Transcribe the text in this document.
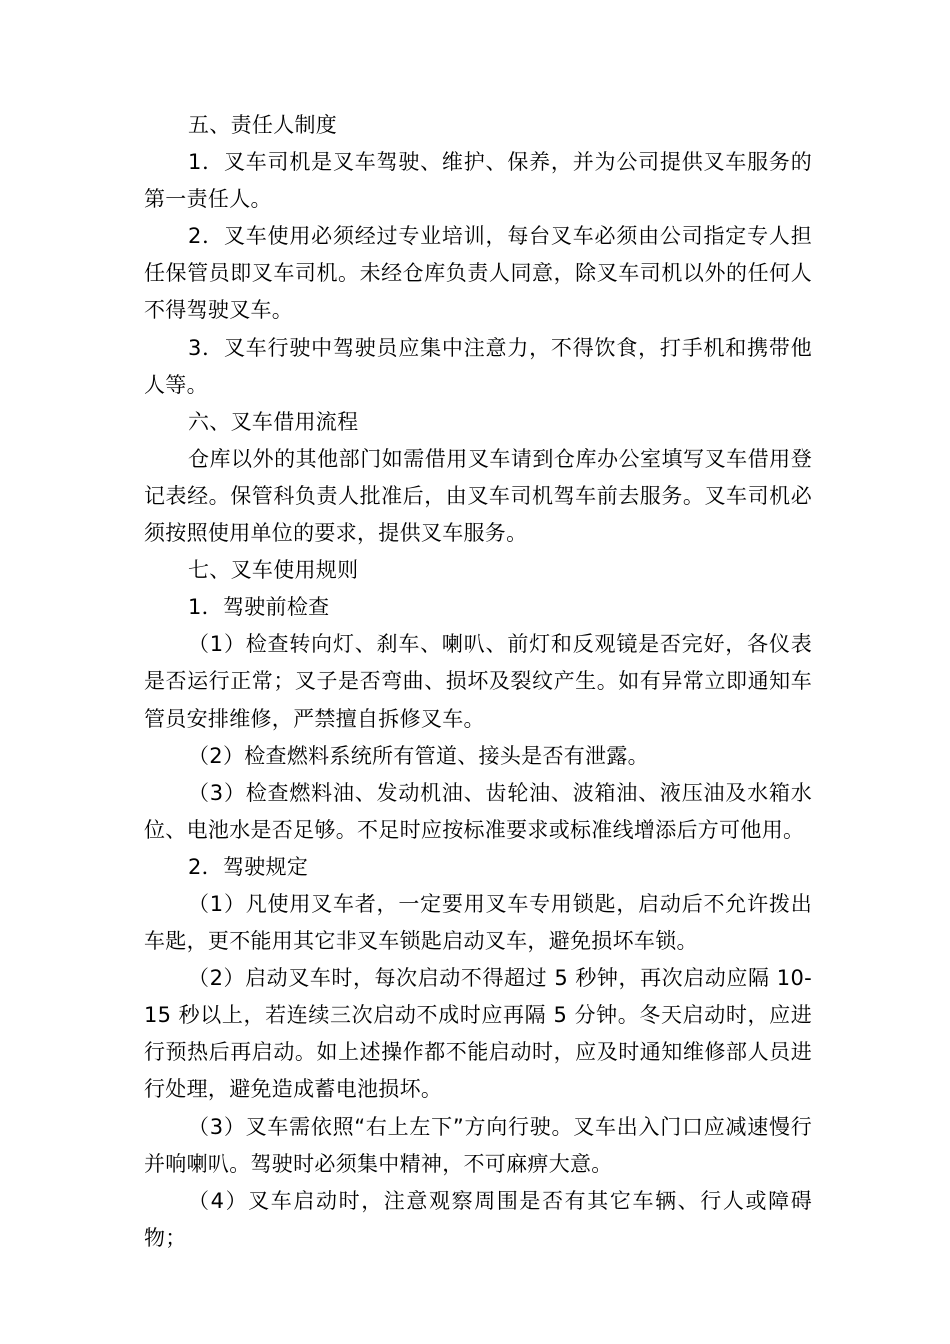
五、责任人制度

1．叉车司机是叉车驾驶、维护、保养，并为公司提供叉车服务的第一责任人。

2．叉车使用必须经过专业培训，每台叉车必须由公司指定专人担任保管员即叉车司机。未经仓库负责人同意，除叉车司机以外的任何人不得驾驶叉车。

3．叉车行驶中驾驶员应集中注意力，不得饮食，打手机和携带他人等。

六、叉车借用流程

仓库以外的其他部门如需借用叉车请到仓库办公室填写叉车借用登记表经。保管科负责人批准后，由叉车司机驾车前去服务。叉车司机必须按照使用单位的要求，提供叉车服务。

七、叉车使用规则

1．驾驶前检查

（1）检查转向灯、刹车、喇叭、前灯和反观镜是否完好，各仪表是否运行正常；叉子是否弯曲、损坏及裂纹产生。如有异常立即通知车管员安排维修，严禁擅自拆修叉车。

（2）检查燃料系统所有管道、接头是否有泄露。

（3）检查燃料油、发动机油、齿轮油、波箱油、液压油及水箱水位、电池水是否足够。不足时应按标准要求或标准线增添后方可他用。

2．驾驶规定

（1）凡使用叉车者，一定要用叉车专用锁匙，启动后不允许拨出车匙，更不能用其它非叉车锁匙启动叉车，避免损坏车锁。

（2）启动叉车时，每次启动不得超过 5 秒钟，再次启动应隔 10-15 秒以上，若连续三次启动不成时应再隔 5 分钟。冬天启动时，应进行预热后再启动。如上述操作都不能启动时，应及时通知维修部人员进行处理，避免造成蓄电池损坏。

（3）叉车需依照“右上左下”方向行驶。叉车出入门口应减速慢行并响喇叭。驾驶时必须集中精神，不可麻痹大意。

（4）叉车启动时，注意观察周围是否有其它车辆、行人或障碍物；
